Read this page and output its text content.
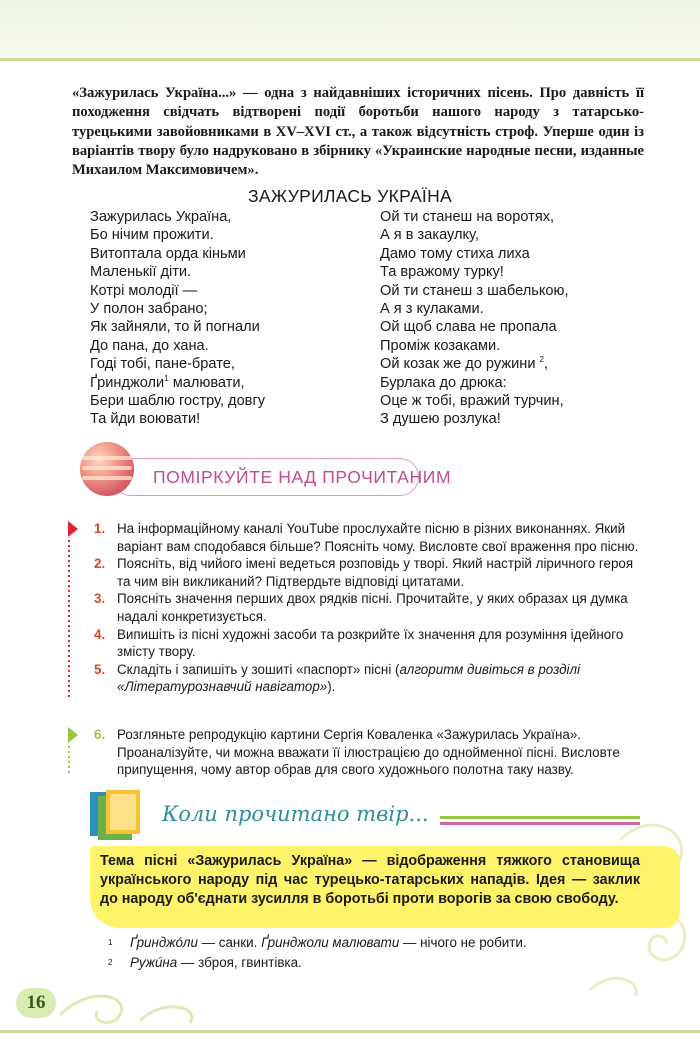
«Зажурилась Україна...» — одна з найдавніших історичних пісень. Про давність її походження свідчать відтворені події боротьби нашого народу з татарсько-турецькими завойовниками в XV–XVI ст., а також відсутність строф. Уперше один із варіантів твору було надруковано в збірнику «Украинские народные песни, изданные Михаилом Максимовичем».

ЗАЖУРИЛАСЬ УКРАЇНА
Зажурилась Україна,
Бо нічим прожити.
Витоптала орда кіньми
Маленькії діти.
Котрі молодії —
У полон забрано;
Як зайняли, то й погнали
До пана, до хана.
Годі тобі, пане-брате,
Ґринджоли$^1$ малювати,
Бери шаблю гостру, довгу
Та йди воювати!
Ой ти станеш на воротях,
А я в закаулку,
Дамо тому стиха лиха
Та вражому турку!
Ой ти станеш з шабелькою,
А я з кулаками.
Ой щоб слава не пропала
Проміж козаками.
Ой козак же до ружини $^2$,
Бурлака до дрюка:
Оце ж тобі, вражий турчин,
З душею розлука!
ПОМІРКУЙТЕ НАД ПРОЧИТАНИМ
1. На інформаційному каналі YouTube прослухайте пісню в різних виконаннях. Який варіант вам сподобався більше? Поясніть чому. Висловте свої враження про пісню.
2. Поясніть, від чийого імені ведеться розповідь у творі. Який настрій ліричного героя та чим він викликаний? Підтвердьте відповіді цитатами.
3. Поясніть значення перших двох рядків пісні. Прочитайте, у яких образах ця думка надалі конкретизується.
4. Випишіть із пісні художні засоби та розкрийте їх значення для розуміння ідейного змісту твору.
5. Складіть і запишіть у зошиті «паспорт» пісні (алгоритм дивіться в розділі «Літературознавчий навігатор»).
6. Розгляньте репродукцію картини Сергія Коваленка «Зажурилась Україна». Проаналізуйте, чи можна вважати її ілюстрацією до однойменної пісні. Висловте припущення, чому автор обрав для свого художнього полотна таку назву.
Коли прочитано твір...

Тема пісні «Зажурилась Україна» — відображення тяжкого становища українського народу під час турецько-татарських нападів. Ідея — заклик до народу об'єднати зусилля в боротьбі проти ворогів за свою свободу.

1 Ґринджóли — санки. Ґринджоли малювати — нічого не робити.
2 Ружúна — зброя, гвинтівка.
16
